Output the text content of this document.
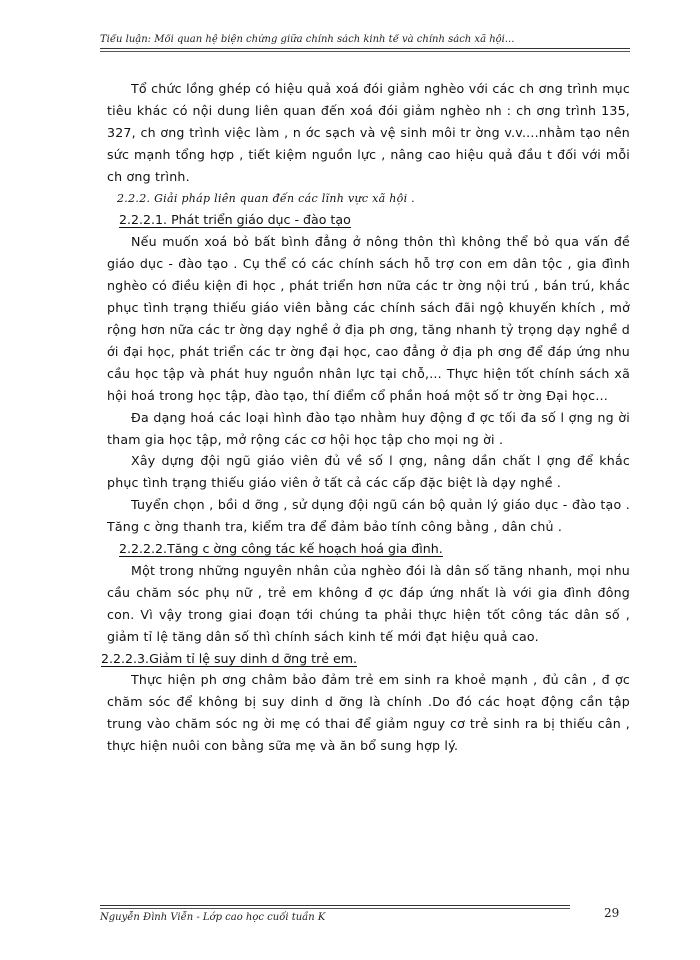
Tiểu luận: Mối quan hệ biện chứng giữa chính sách kinh tế và chính sách xã hội...

Tổ chức lồng ghép có hiệu quả xoá đói giảm nghèo với các ch ơng trình mục tiêu khác có nội dung liên quan đến xoá đói giảm nghèo nh : ch ơng trình 135, 327, ch ơng trình việc làm , n ớc sạch và vệ sinh môi tr ờng v.v....nhằm tạo nên sức mạnh tổng hợp , tiết kiệm nguồn lực , nâng cao hiệu quả đầu t đối với mỗi ch ơng trình.

2.2.2. Giải pháp liên quan đến các lĩnh vực xã hội .

2.2.2.1. Phát triển giáo dục - đào tạo

Nếu muốn xoá bỏ bất bình đẳng ở nông thôn thì không thể bỏ qua vấn đề giáo dục - đào tạo . Cụ thể có các chính sách hỗ trợ con em dân tộc , gia đình nghèo có điều kiện đi học , phát triển hơn nữa các tr ờng nội trú , bán trú, khắc phục tình trạng thiếu giáo viên bằng các chính sách đãi ngộ khuyến khích , mở rộng hơn nữa các tr ờng dạy nghề ở địa ph ơng, tăng nhanh tỷ trọng dạy nghề d ới đại học, phát triển các tr ờng đại học, cao đẳng ở địa ph ơng để đáp ứng nhu cầu học tập và phát huy nguồn nhân lực tại chỗ,… Thực hiện tốt chính sách xã hội hoá trong học tập, đào tạo, thí điểm cổ phần hoá một số tr ờng Đại học…

Đa dạng hoá các loại hình đào tạo nhằm huy động đ ợc tối đa số l ợng ng ời tham gia học tập, mở rộng các cơ hội học tập cho mọi ng ời .

Xây dựng đội ngũ giáo viên đủ về số l ợng, nâng dần chất l ợng để khắc phục tình trạng thiếu giáo viên ở tất cả các cấp đặc biệt là dạy nghề .

Tuyển chọn , bồi d ỡng , sử dụng đội ngũ cán bộ quản lý giáo dục - đào tạo . Tăng c ờng thanh tra, kiểm tra để đảm bảo tính công bằng , dân chủ .

2.2.2.2.Tăng c ờng công tác kế hoạch hoá gia đình.

Một trong những nguyên nhân của nghèo đói là dân số tăng nhanh, mọi nhu cầu chăm sóc phụ nữ , trẻ em không đ ợc đáp ứng nhất là với gia đình đông con. Vì vậy trong giai đoạn tới chúng ta phải thực hiện tốt công tác dân số , giảm tỉ lệ tăng dân số thì chính sách kinh tế mới đạt hiệu quả cao.

2.2.2.3.Giảm tỉ lệ suy dinh d ỡng trẻ em.

Thực hiện ph ơng châm bảo đảm trẻ em sinh ra khoẻ mạnh , đủ cân , đ ợc chăm sóc để không bị suy dinh d ỡng là chính .Do đó các hoạt động cần tập trung vào chăm sóc ng ời mẹ có thai để giảm nguy cơ trẻ sinh ra bị thiếu cân , thực hiện nuôi con bằng sữa mẹ và ăn bổ sung hợp lý.

Nguyễn Đình Viễn - Lớp cao học cuối tuần K	29
